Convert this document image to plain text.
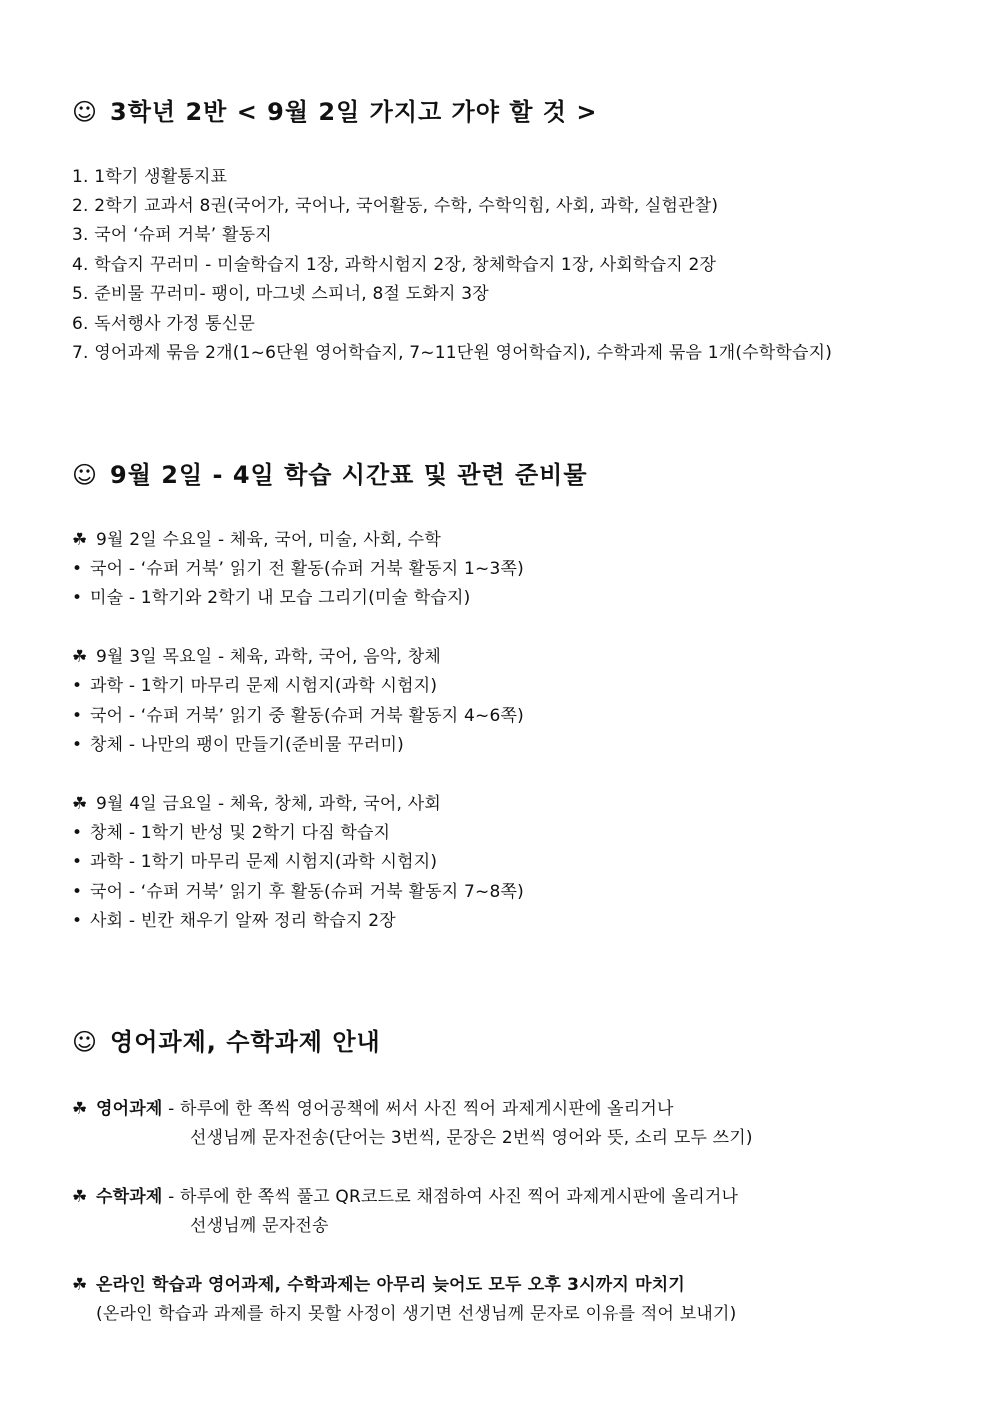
☺ 3학년 2반 < 9월 2일 가지고 가야 할 것 >
1. 1학기 생활통지표
2. 2학기 교과서 8권(국어가, 국어나, 국어활동, 수학, 수학익힘, 사회, 과학, 실험관찰)
3. 국어 ‘슈퍼 거북’ 활동지
4. 학습지 꾸러미 - 미술학습지 1장, 과학시험지 2장, 창체학습지 1장, 사회학습지 2장
5. 준비물 꾸러미- 팽이, 마그넷 스피너, 8절 도화지 3장
6. 독서행사 가정 통신문
7. 영어과제 묶음 2개(1~6단원 영어학습지, 7~11단원 영어학습지), 수학과제 묶음 1개(수학학습지)
☺ 9월 2일 - 4일 학습 시간표 및 관련 준비물
☘ 9월 2일 수요일 - 체육, 국어, 미술, 사회, 수학
• 국어 - ‘슈퍼 거북’ 읽기 전 활동(슈퍼 거북 활동지 1~3쪽)
• 미술 - 1학기와 2학기 내 모습 그리기(미술 학습지)
☘ 9월 3일 목요일 - 체육, 과학, 국어, 음악, 창체
• 과학 - 1학기 마무리 문제 시험지(과학 시험지)
• 국어 - ‘슈퍼 거북’ 읽기 중 활동(슈퍼 거북 활동지 4~6쪽)
• 창체 - 나만의 팽이 만들기(준비물 꾸러미)
☘ 9월 4일 금요일 - 체육, 창체, 과학, 국어, 사회
• 창체 - 1학기 반성 및 2학기 다짐 학습지
• 과학 - 1학기 마무리 문제 시험지(과학 시험지)
• 국어 - ‘슈퍼 거북’ 읽기 후 활동(슈퍼 거북 활동지 7~8쪽)
• 사회 - 빈칸 채우기 알짜 정리 학습지 2장
☺ 영어과제, 수학과제 안내
☘ 영어과제 - 하루에 한 쪽씩 영어공책에 써서 사진 찍어 과제게시판에 올리거나
선생님께 문자전송(단어는 3번씩, 문장은 2번씩 영어와 뜻, 소리 모두 쓰기)
☘ 수학과제 - 하루에 한 쪽씩 풀고 QR코드로 채점하여 사진 찍어 과제게시판에 올리거나
선생님께 문자전송
☘ 온라인 학습과 영어과제, 수학과제는 아무리 늦어도 모두 오후 3시까지 마치기
(온라인 학습과 과제를 하지 못할 사정이 생기면 선생님께 문자로 이유를 적어 보내기)
